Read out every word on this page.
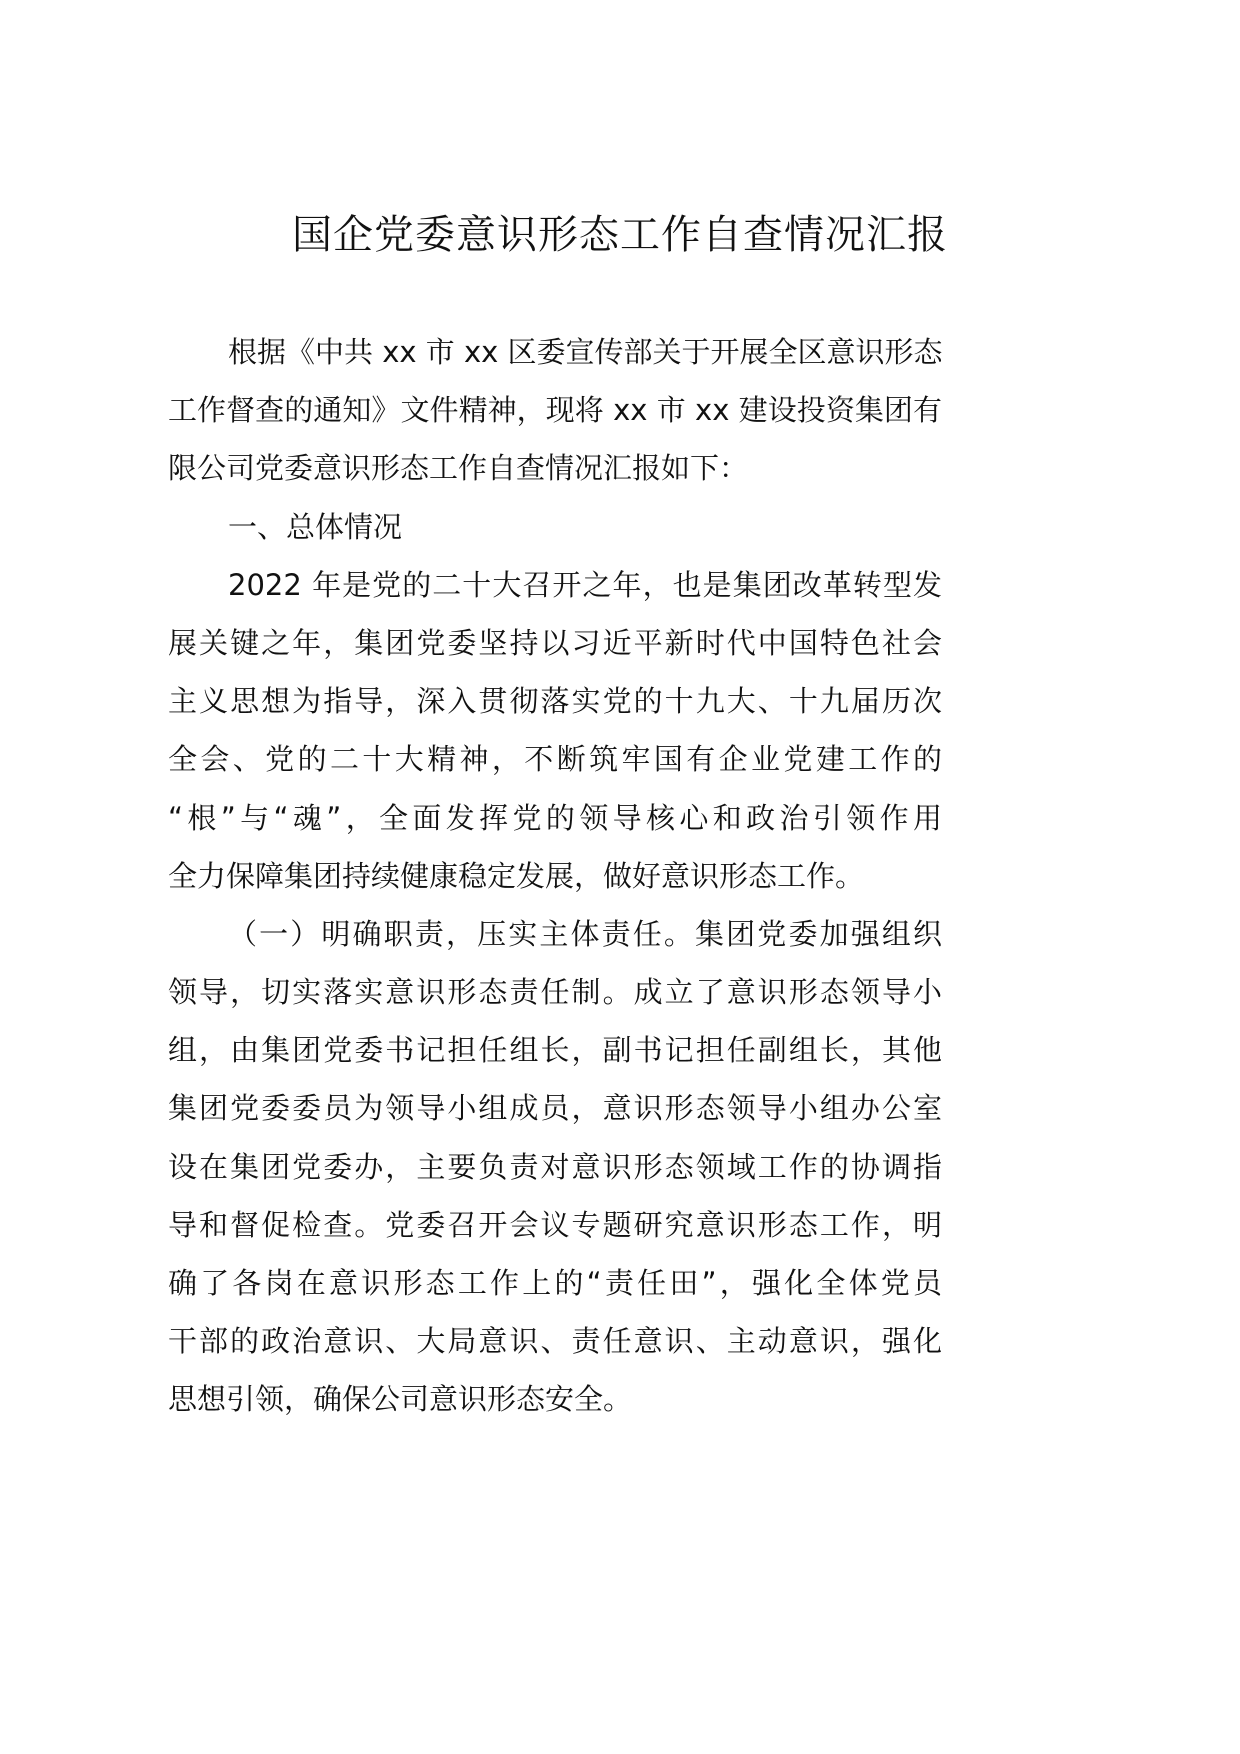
国企党委意识形态工作自查情况汇报
根据《中共 xx 市 xx 区委宣传部关于开展全区意识形态
工作督查的通知》文件精神，现将 xx 市 xx 建设投资集团有
限公司党委意识形态工作自查情况汇报如下：
一、总体情况
2022 年是党的二十大召开之年，也是集团改革转型发
展关键之年，集团党委坚持以习近平新时代中国特色社会
主义思想为指导，深入贯彻落实党的十九大、十九届历次
全会、党的二十大精神，不断筑牢国有企业党建工作的
“根”与“魂”，全面发挥党的领导核心和政治引领作用
全力保障集团持续健康稳定发展，做好意识形态工作。
（一）明确职责，压实主体责任。集团党委加强组织
领导，切实落实意识形态责任制。成立了意识形态领导小
组，由集团党委书记担任组长，副书记担任副组长，其他
集团党委委员为领导小组成员，意识形态领导小组办公室
设在集团党委办，主要负责对意识形态领域工作的协调指
导和督促检查。党委召开会议专题研究意识形态工作，明
确了各岗在意识形态工作上的“责任田”，强化全体党员
干部的政治意识、大局意识、责任意识、主动意识，强化
思想引领，确保公司意识形态安全。
